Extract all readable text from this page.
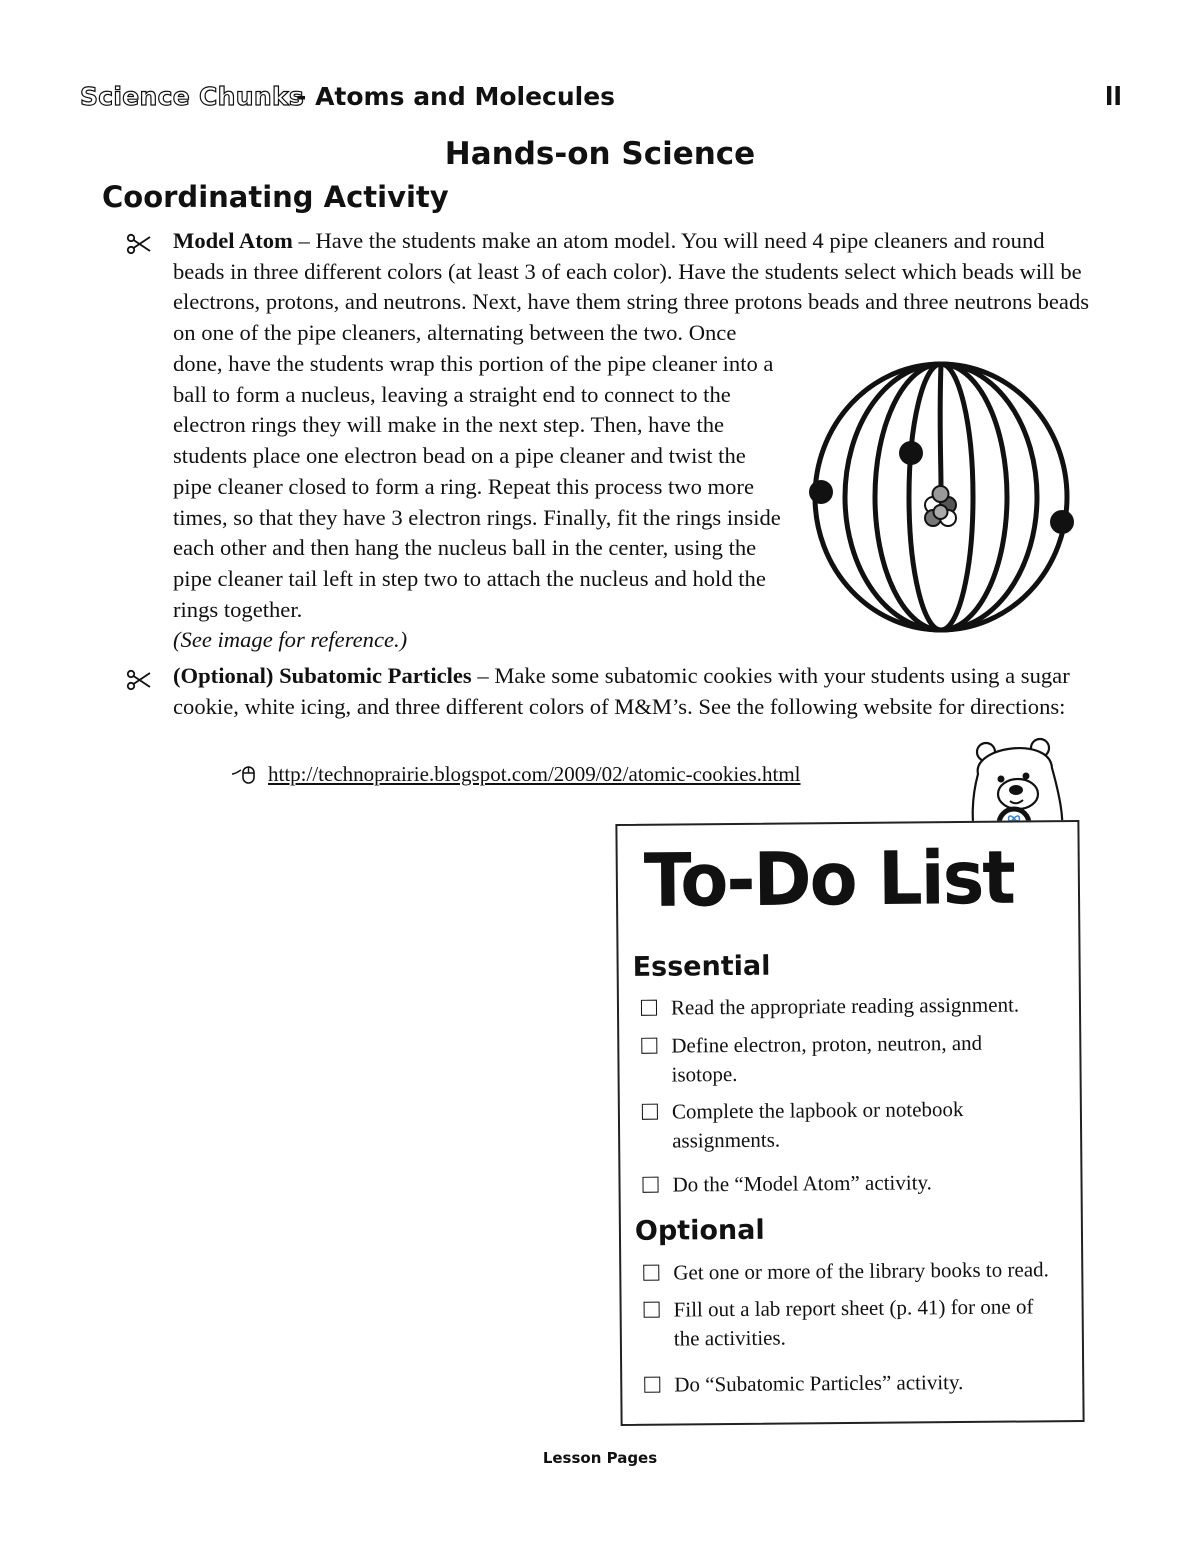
Science Chunks
- Atoms and Molecules	ll
Hands-on Science
Coordinating Activity

Model Atom – Have the students make an atom model. You will need 4 pipe cleaners and round beads in three different colors (at least 3 of each color). Have the students select which beads will be electrons, protons, and neutrons. Next, have them string three protons beads and three neutrons beads on one of the pipe cleaners, alternating between the two. Once

done, have the students wrap this portion of the pipe cleaner into a ball to form a nucleus, leaving a straight end to connect to the electron rings they will make in the next step. Then, have the students place one electron bead on a pipe cleaner and twist the pipe cleaner closed to form a ring. Repeat this process two more times, so that they have 3 electron rings. Finally, fit the rings inside each other and then hang the nucleus ball in the center, using the pipe cleaner tail left in step two to attach the nucleus and hold the rings together.
(See image for reference.)

(Optional) Subatomic Particles – Make some subatomic cookies with your students using a sugar cookie, white icing, and three different colors of M&M’s. See the following website for directions:

http://technoprairie.blogspot.com/2009/02/atomic-cookies.html
To-Do List
Essential
Read the appropriate reading assignment.
Define electron, proton, neutron, and isotope.
Complete the lapbook or notebook assignments.
Do the “Model Atom” activity.
Optional
Get one or more of the library books to read.
Fill out a lab report sheet (p. 41) for one of the activities.
Do “Subatomic Particles” activity.
Lesson Pages
